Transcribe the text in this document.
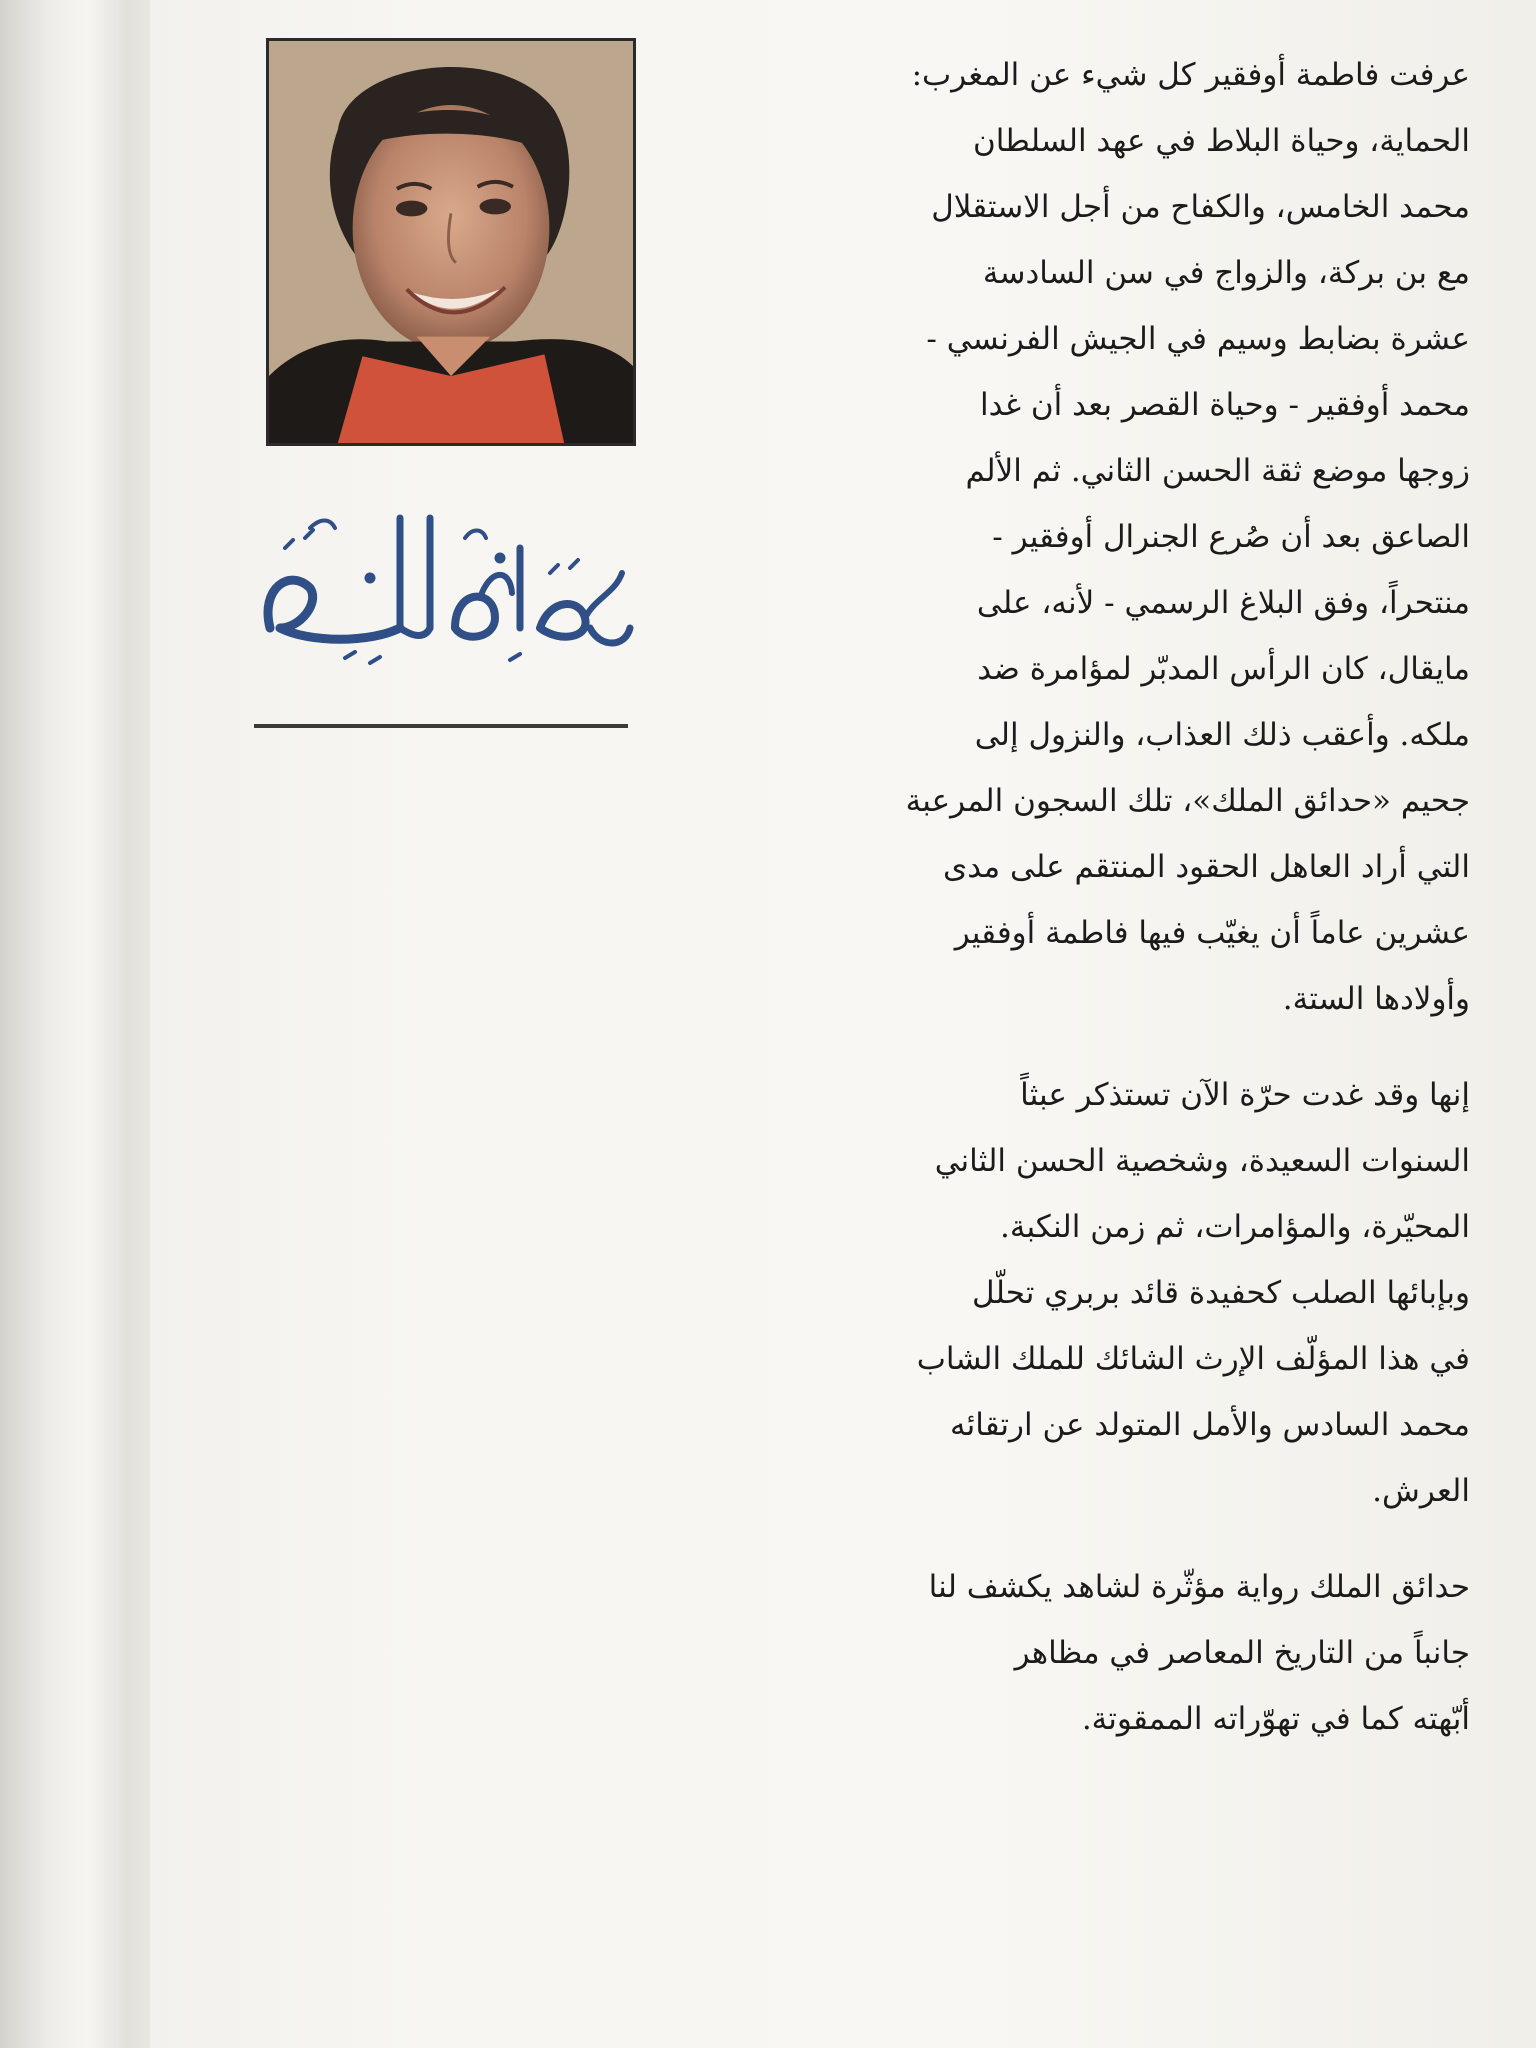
عرفت فاطمة أوفقير كل شيء عن المغرب:
الحماية، وحياة البلاط في عهد السلطان
محمد الخامس، والكفاح من أجل الاستقلال
مع بن بركة، والزواج في سن السادسة
عشرة بضابط وسيم في الجيش الفرنسي -
محمد أوفقير - وحياة القصر بعد أن غدا
زوجها موضع ثقة الحسن الثاني. ثم الألم
الصاعق بعد أن صُرع الجنرال أوفقير -
منتحراً، وفق البلاغ الرسمي - لأنه، على
مايقال، كان الرأس المدبّر لمؤامرة ضد
ملكه. وأعقب ذلك العذاب، والنزول إلى
جحيم «حدائق الملك»، تلك السجون المرعبة
التي أراد العاهل الحقود المنتقم على مدى
عشرين عاماً أن يغيّب فيها فاطمة أوفقير
وأولادها الستة.

إنها وقد غدت حرّة الآن تستذكر عبثاً
السنوات السعيدة، وشخصية الحسن الثاني
المحيّرة، والمؤامرات، ثم زمن النكبة.
وبإبائها الصلب كحفيدة قائد بربري تحلّل
في هذا المؤلّف الإرث الشائك للملك الشاب
محمد السادس والأمل المتولد عن ارتقائه
العرش.

حدائق الملك رواية مؤثّرة لشاهد يكشف لنا
جانباً من التاريخ المعاصر في مظاهر
أبّهته كما في تهوّراته الممقوتة.
